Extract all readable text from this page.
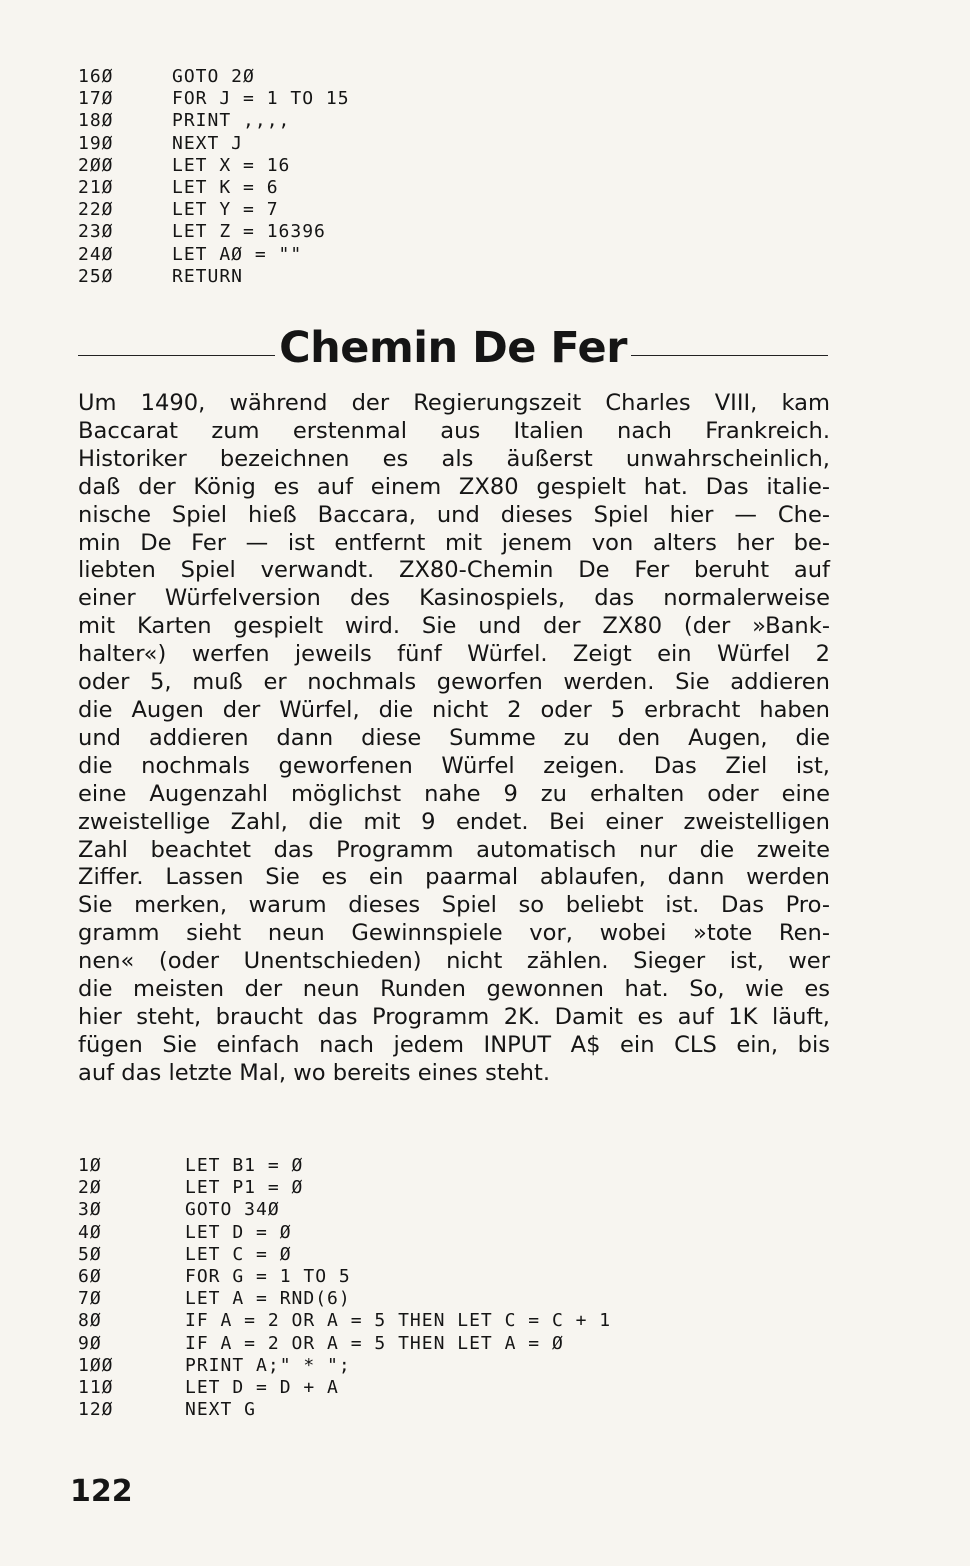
16Ø	GOTO 2Ø
17Ø	FOR J = 1 TO 15
18Ø	PRINT ,,,,
19Ø	NEXT J
2ØØ	LET X = 16
21Ø	LET K = 6
22Ø	LET Y = 7
23Ø	LET Z = 16396
24Ø	LET AØ = ""
25Ø	RETURN
Chemin De Fer

Um 1490, während der Regierungszeit Charles VIII, kam
Baccarat zum erstenmal aus Italien nach Frankreich.
Historiker bezeichnen es als äußerst unwahrscheinlich,
daß der König es auf einem ZX80 gespielt hat. Das italie-
nische Spiel hieß Baccara, und dieses Spiel hier — Che-
min De Fer — ist entfernt mit jenem von alters her be-
liebten Spiel verwandt. ZX80-Chemin De Fer beruht auf
einer Würfelversion des Kasinospiels, das normalerweise
mit Karten gespielt wird. Sie und der ZX80 (der »Bank-
halter«) werfen jeweils fünf Würfel. Zeigt ein Würfel 2
oder 5, muß er nochmals geworfen werden. Sie addieren
die Augen der Würfel, die nicht 2 oder 5 erbracht haben
und addieren dann diese Summe zu den Augen, die
die nochmals geworfenen Würfel zeigen. Das Ziel ist,
eine Augenzahl möglichst nahe 9 zu erhalten oder eine
zweistellige Zahl, die mit 9 endet. Bei einer zweistelligen
Zahl beachtet das Programm automatisch nur die zweite
Ziffer. Lassen Sie es ein paarmal ablaufen, dann werden
Sie merken, warum dieses Spiel so beliebt ist. Das Pro-
gramm sieht neun Gewinnspiele vor, wobei »tote Ren-
nen« (oder Unentschieden) nicht zählen. Sieger ist, wer
die meisten der neun Runden gewonnen hat. So, wie es
hier steht, braucht das Programm 2K. Damit es auf 1K läuft,
fügen Sie einfach nach jedem INPUT A$ ein CLS ein, bis
auf das letzte Mal, wo bereits eines steht.

1Ø	LET B1 = Ø
2Ø	LET P1 = Ø
3Ø	GOTO 34Ø
4Ø	LET D = Ø
5Ø	LET C = Ø
6Ø	FOR G = 1 TO 5
7Ø	LET A = RND(6)
8Ø	IF A = 2 OR A = 5 THEN LET C = C + 1
9Ø	IF A = 2 OR A = 5 THEN LET A = Ø
1ØØ	PRINT A;" * ";
11Ø	LET D = D + A
12Ø	NEXT G
122
